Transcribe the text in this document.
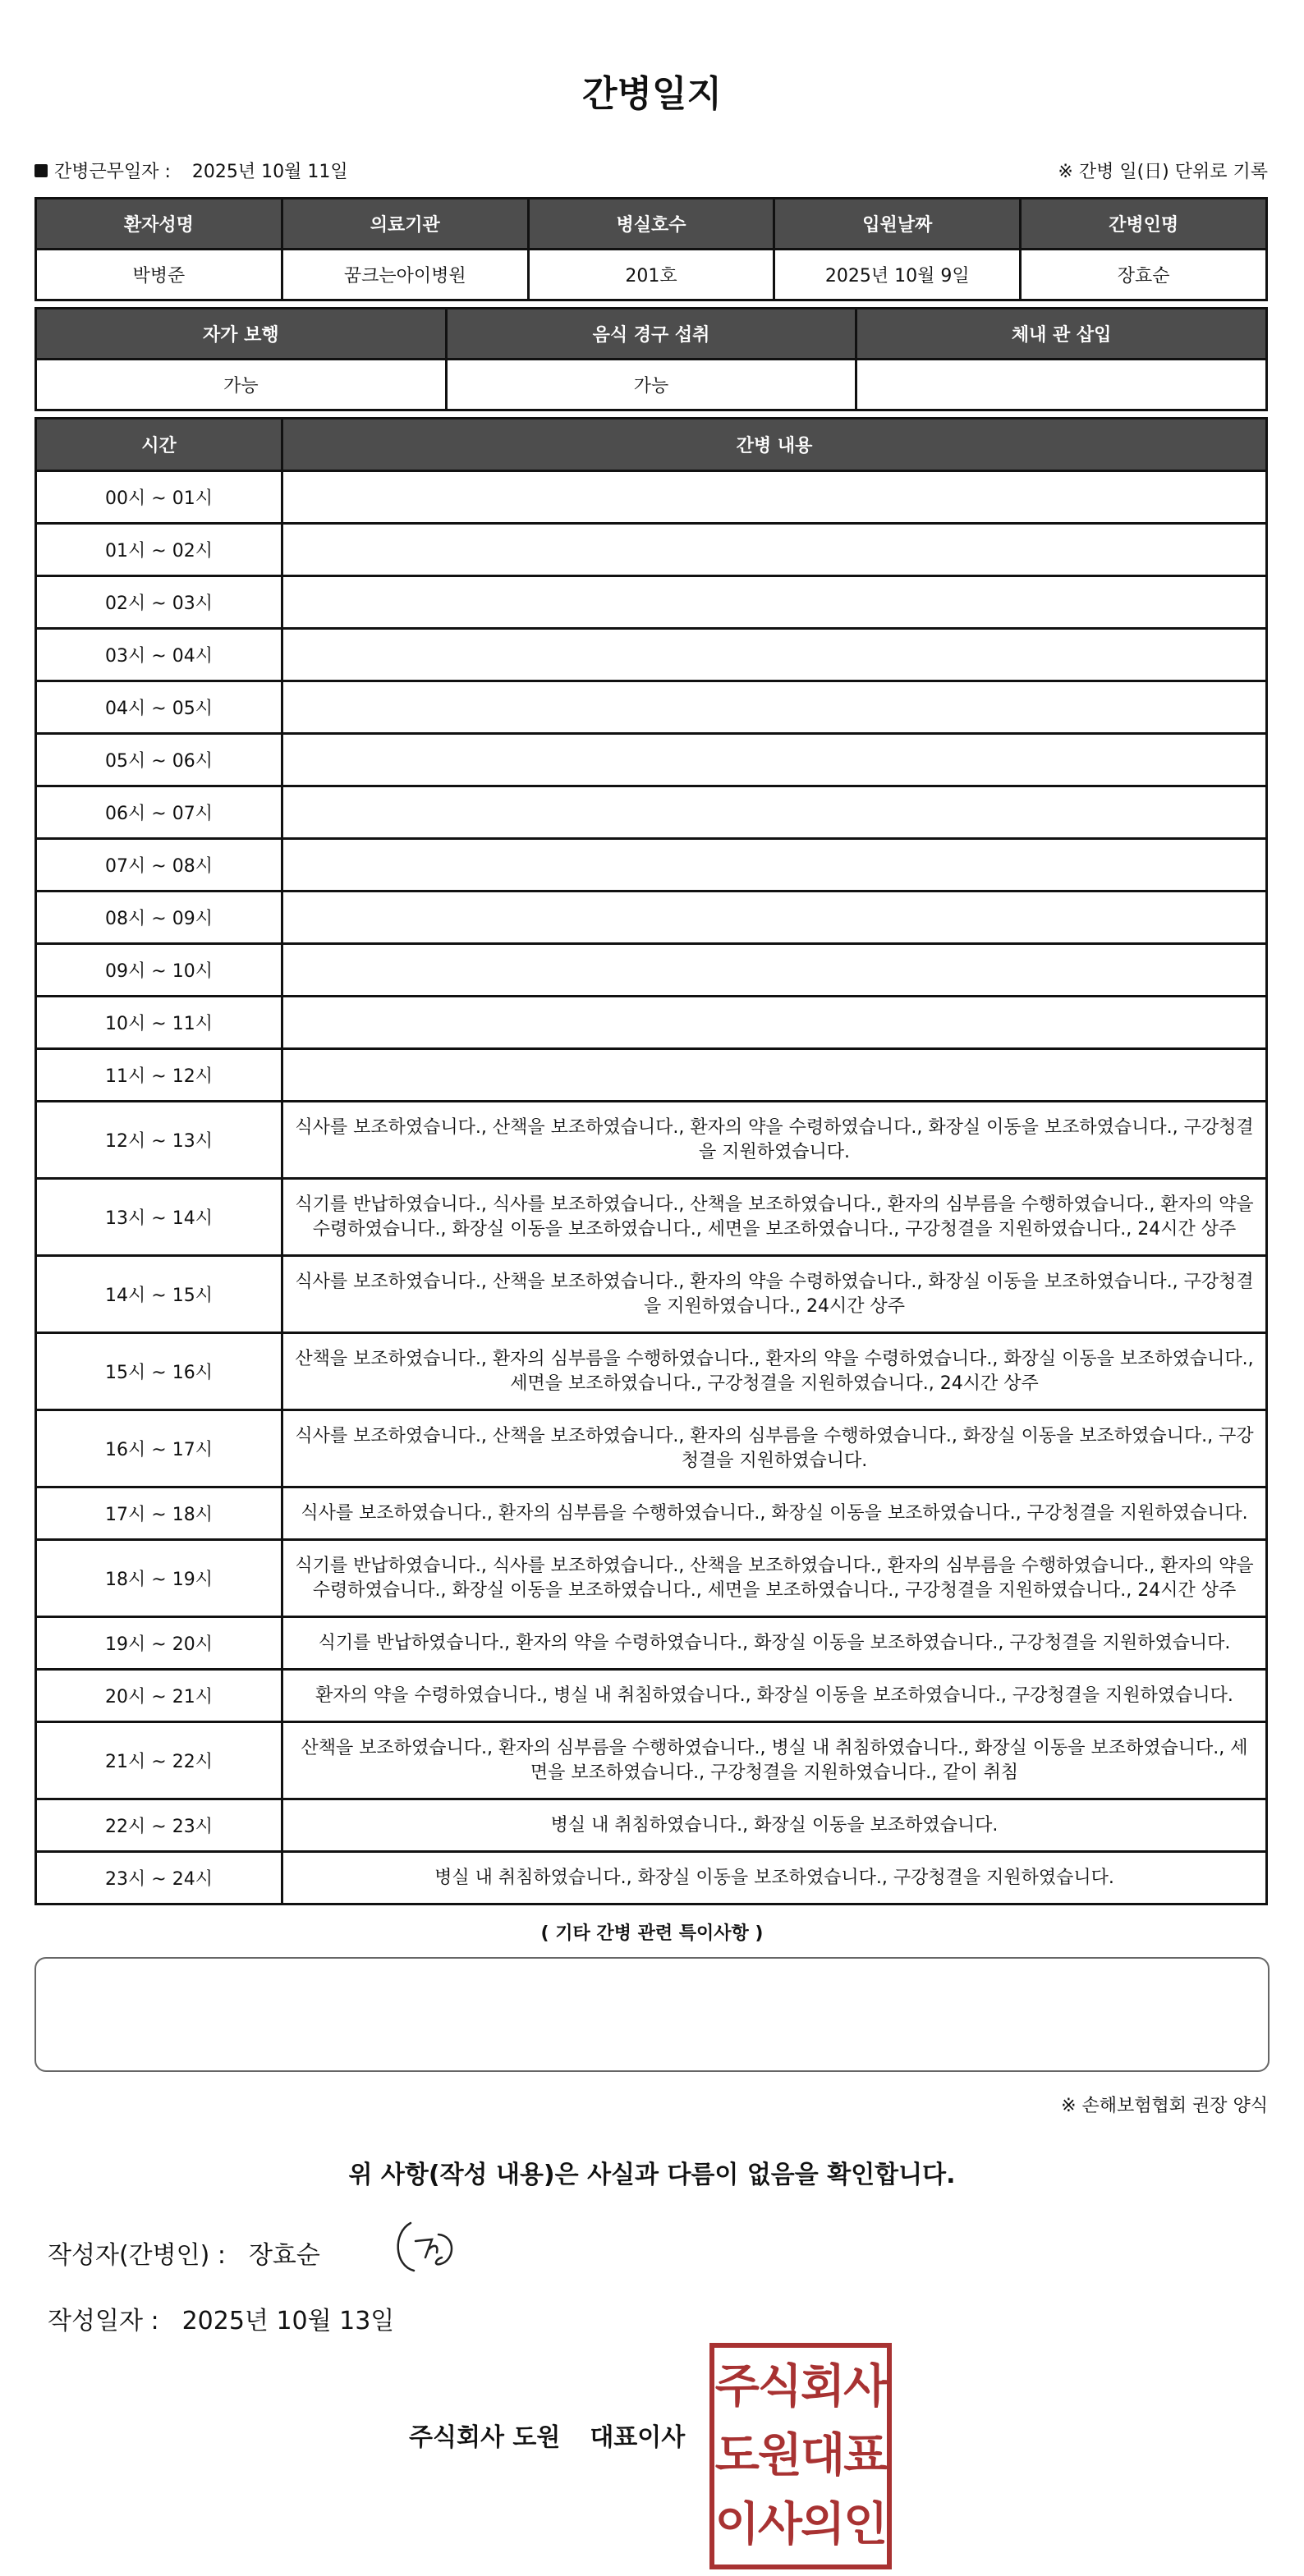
간병일지
간병근무일자 : 2025년 10월 11일	※ 간병 일(日) 단위로 기록
환자성명	의료기관	병실호수	입원날짜	간병인명
박병준	꿈크는아이병원	201호	2025년 10월 9일	장효순
자가 보행	음식 경구 섭취	체내 관 삽입
가능	가능	
시간	간병 내용
00시 ~ 01시	
01시 ~ 02시	
02시 ~ 03시	
03시 ~ 04시	
04시 ~ 05시	
05시 ~ 06시	
06시 ~ 07시	
07시 ~ 08시	
08시 ~ 09시	
09시 ~ 10시	
10시 ~ 11시	
11시 ~ 12시	
12시 ~ 13시	식사를 보조하였습니다., 산책을 보조하였습니다., 환자의 약을 수령하였습니다., 화장실 이동을 보조하였습니다., 구강청결을 지원하였습니다.
13시 ~ 14시	식기를 반납하였습니다., 식사를 보조하였습니다., 산책을 보조하였습니다., 환자의 심부름을 수행하였습니다., 환자의 약을 수령하였습니다., 화장실 이동을 보조하였습니다., 세면을 보조하였습니다., 구강청결을 지원하였습니다., 24시간 상주
14시 ~ 15시	식사를 보조하였습니다., 산책을 보조하였습니다., 환자의 약을 수령하였습니다., 화장실 이동을 보조하였습니다., 구강청결을 지원하였습니다., 24시간 상주
15시 ~ 16시	산책을 보조하였습니다., 환자의 심부름을 수행하였습니다., 환자의 약을 수령하였습니다., 화장실 이동을 보조하였습니다., 세면을 보조하였습니다., 구강청결을 지원하였습니다., 24시간 상주
16시 ~ 17시	식사를 보조하였습니다., 산책을 보조하였습니다., 환자의 심부름을 수행하였습니다., 화장실 이동을 보조하였습니다., 구강청결을 지원하였습니다.
17시 ~ 18시	식사를 보조하였습니다., 환자의 심부름을 수행하였습니다., 화장실 이동을 보조하였습니다., 구강청결을 지원하였습니다.
18시 ~ 19시	식기를 반납하였습니다., 식사를 보조하였습니다., 산책을 보조하였습니다., 환자의 심부름을 수행하였습니다., 환자의 약을 수령하였습니다., 화장실 이동을 보조하였습니다., 세면을 보조하였습니다., 구강청결을 지원하였습니다., 24시간 상주
19시 ~ 20시	식기를 반납하였습니다., 환자의 약을 수령하였습니다., 화장실 이동을 보조하였습니다., 구강청결을 지원하였습니다.
20시 ~ 21시	환자의 약을 수령하였습니다., 병실 내 취침하였습니다., 화장실 이동을 보조하였습니다., 구강청결을 지원하였습니다.
21시 ~ 22시	산책을 보조하였습니다., 환자의 심부름을 수행하였습니다., 병실 내 취침하였습니다., 화장실 이동을 보조하였습니다., 세면을 보조하였습니다., 구강청결을 지원하였습니다., 같이 취침
22시 ~ 23시	병실 내 취침하였습니다., 화장실 이동을 보조하였습니다.
23시 ~ 24시	병실 내 취침하였습니다., 화장실 이동을 보조하였습니다., 구강청결을 지원하였습니다.
( 기타 간병 관련 특이사항 )
※ 손해보험협회 권장 양식
위 사항(작성 내용)은 사실과 다름이 없음을 확인합니다.
작성자(간병인) : 장효순
작성일자 : 2025년 10월 13일
주식회사 도원 대표이사
주식회사
도원대표
이사의인
